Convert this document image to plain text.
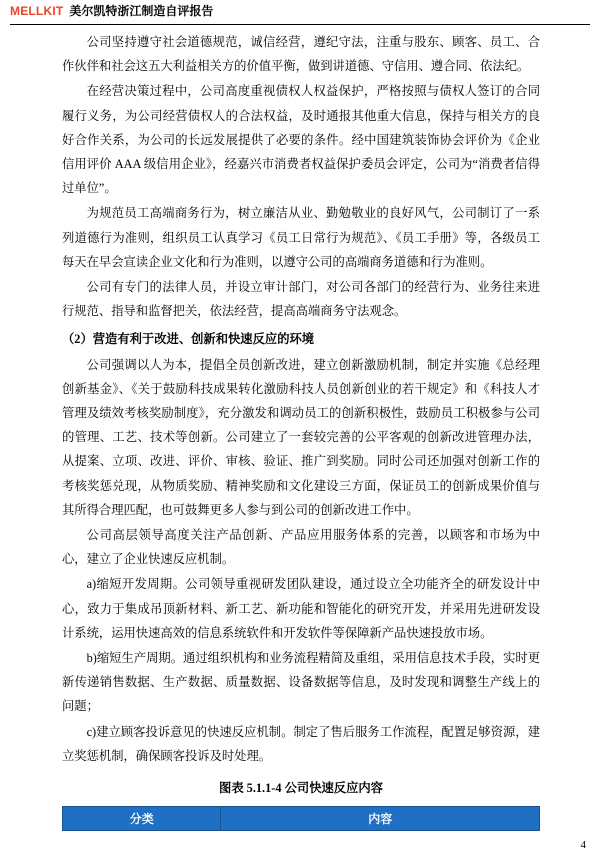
MELLKIT 美尔凯特浙江制造自评报告

公司坚持遵守社会道德规范，诚信经营，遵纪守法，注重与股东、顾客、员工、合作伙伴和社会这五大利益相关方的价值平衡，做到讲道德、守信用、遵合同、依法纪。

在经营决策过程中，公司高度重视债权人权益保护，严格按照与债权人签订的合同履行义务，为公司经营债权人的合法权益，及时通报其他重大信息，保持与相关方的良好合作关系，为公司的长远发展提供了必要的条件。经中国建筑装饰协会评价为《企业信用评价 AAA 级信用企业》，经嘉兴市消费者权益保护委员会评定，公司为“消费者信得过单位”。

为规范员工高端商务行为，树立廉洁从业、勤勉敬业的良好风气，公司制订了一系列道德行为准则，组织员工认真学习《员工日常行为规范》、《员工手册》等，各级员工每天在早会宣读企业文化和行为准则，以遵守公司的高端商务道德和行为准则。

公司有专门的法律人员，并设立审计部门，对公司各部门的经营行为、业务往来进行规范、指导和监督把关，依法经营，提高高端商务守法观念。

（2）营造有利于改进、创新和快速反应的环境

公司强调以人为本，提倡全员创新改进，建立创新激励机制，制定并实施《总经理创新基金》、《关于鼓励科技成果转化激励科技人员创新创业的若干规定》和《科技人才管理及绩效考核奖励制度》，充分激发和调动员工的创新积极性，鼓励员工积极参与公司的管理、工艺、技术等创新。公司建立了一套较完善的公平客观的创新改进管理办法，从提案、立项、改进、评价、审核、验证、推广到奖励。同时公司还加强对创新工作的考核奖惩兑现，从物质奖励、精神奖励和文化建设三方面，保证员工的创新成果价值与其所得合理匹配，也可鼓舞更多人参与到公司的创新改进工作中。

公司高层领导高度关注产品创新、产品应用服务体系的完善，以顾客和市场为中心，建立了企业快速反应机制。

a)缩短开发周期。公司领导重视研发团队建设，通过设立全功能齐全的研发设计中心，致力于集成吊顶新材料、新工艺、新功能和智能化的研究开发，并采用先进研发设计系统，运用快速高效的信息系统软件和开发软件等保障新产品快速投放市场。

b)缩短生产周期。通过组织机构和业务流程精简及重组，采用信息技术手段，实时更新传递销售数据、生产数据、质量数据、设备数据等信息，及时发现和调整生产线上的问题；

c)建立顾客投诉意见的快速反应机制。制定了售后服务工作流程，配置足够资源，建立奖惩机制，确保顾客投诉及时处理。

图表 5.1.1-4 公司快速反应内容

分类	内容
4
